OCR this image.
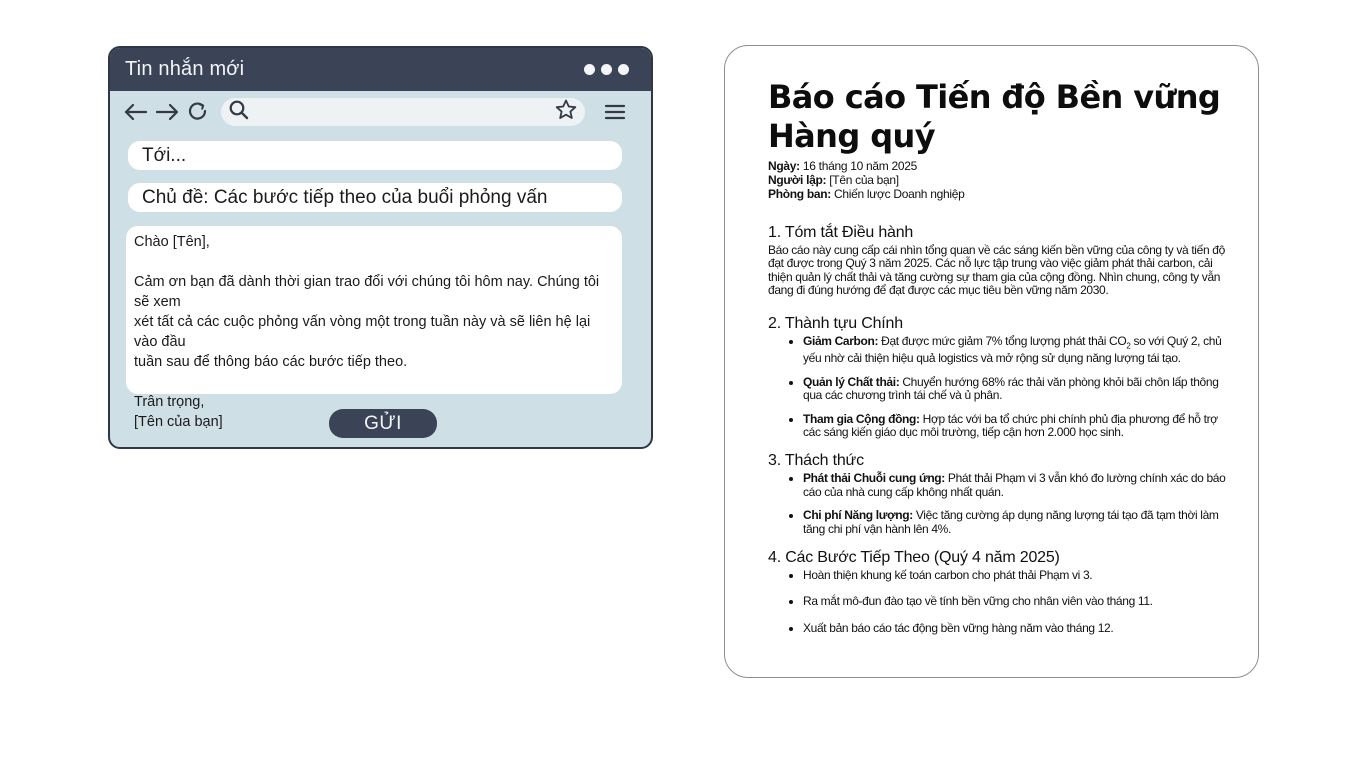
Tin nhắn mới
Tới...
Chủ đề: Các bước tiếp theo của buổi phỏng vấn

Chào [Tên],

Cảm ơn bạn đã dành thời gian trao đổi với chúng tôi hôm nay. Chúng tôi sẽ xem

xét tất cả các cuộc phỏng vấn vòng một trong tuần này và sẽ liên hệ lại vào đầu

tuần sau để thông báo các bước tiếp theo.

Trân trọng,

[Tên của bạn]	GỬI
Báo cáo Tiến độ Bền vững
Hàng quý
Ngày: 16 tháng 10 năm 2025
Người lập: [Tên của bạn]
Phòng ban: Chiến lược Doanh nghiệp
1. Tóm tắt Điều hành

Báo cáo này cung cấp cái nhìn tổng quan về các sáng kiến bền vững của công ty và tiến độ đạt được trong Quý 3 năm 2025. Các nỗ lực tập trung vào việc giảm phát thải carbon, cải thiện quản lý chất thải và tăng cường sự tham gia của cộng đồng. Nhìn chung, công ty vẫn đang đi đúng hướng để đạt được các mục tiêu bền vững năm 2030.

2. Thành tựu Chính
• Giảm Carbon: Đạt được mức giảm 7% tổng lượng phát thải $CO_2$ so với Quý 2, chủ yếu nhờ cải thiện hiệu quả logistics và mở rộng sử dụng năng lượng tái tạo.
• Quản lý Chất thải: Chuyển hướng 68% rác thải văn phòng khỏi bãi chôn lấp thông qua các chương trình tái chế và ủ phân.
• Tham gia Cộng đồng: Hợp tác với ba tổ chức phi chính phủ địa phương để hỗ trợ các sáng kiến giáo dục môi trường, tiếp cận hơn 2.000 học sinh.
3. Thách thức
• Phát thải Chuỗi cung ứng: Phát thải Phạm vi 3 vẫn khó đo lường chính xác do báo cáo của nhà cung cấp không nhất quán.
• Chi phí Năng lượng: Việc tăng cường áp dụng năng lượng tái tạo đã tạm thời làm tăng chi phí vận hành lên 4%.
4. Các Bước Tiếp Theo (Quý 4 năm 2025)
• Hoàn thiện khung kế toán carbon cho phát thải Phạm vi 3.
• Ra mắt mô-đun đào tạo về tính bền vững cho nhân viên vào tháng 11.
• Xuất bản báo cáo tác động bền vững hàng năm vào tháng 12.
